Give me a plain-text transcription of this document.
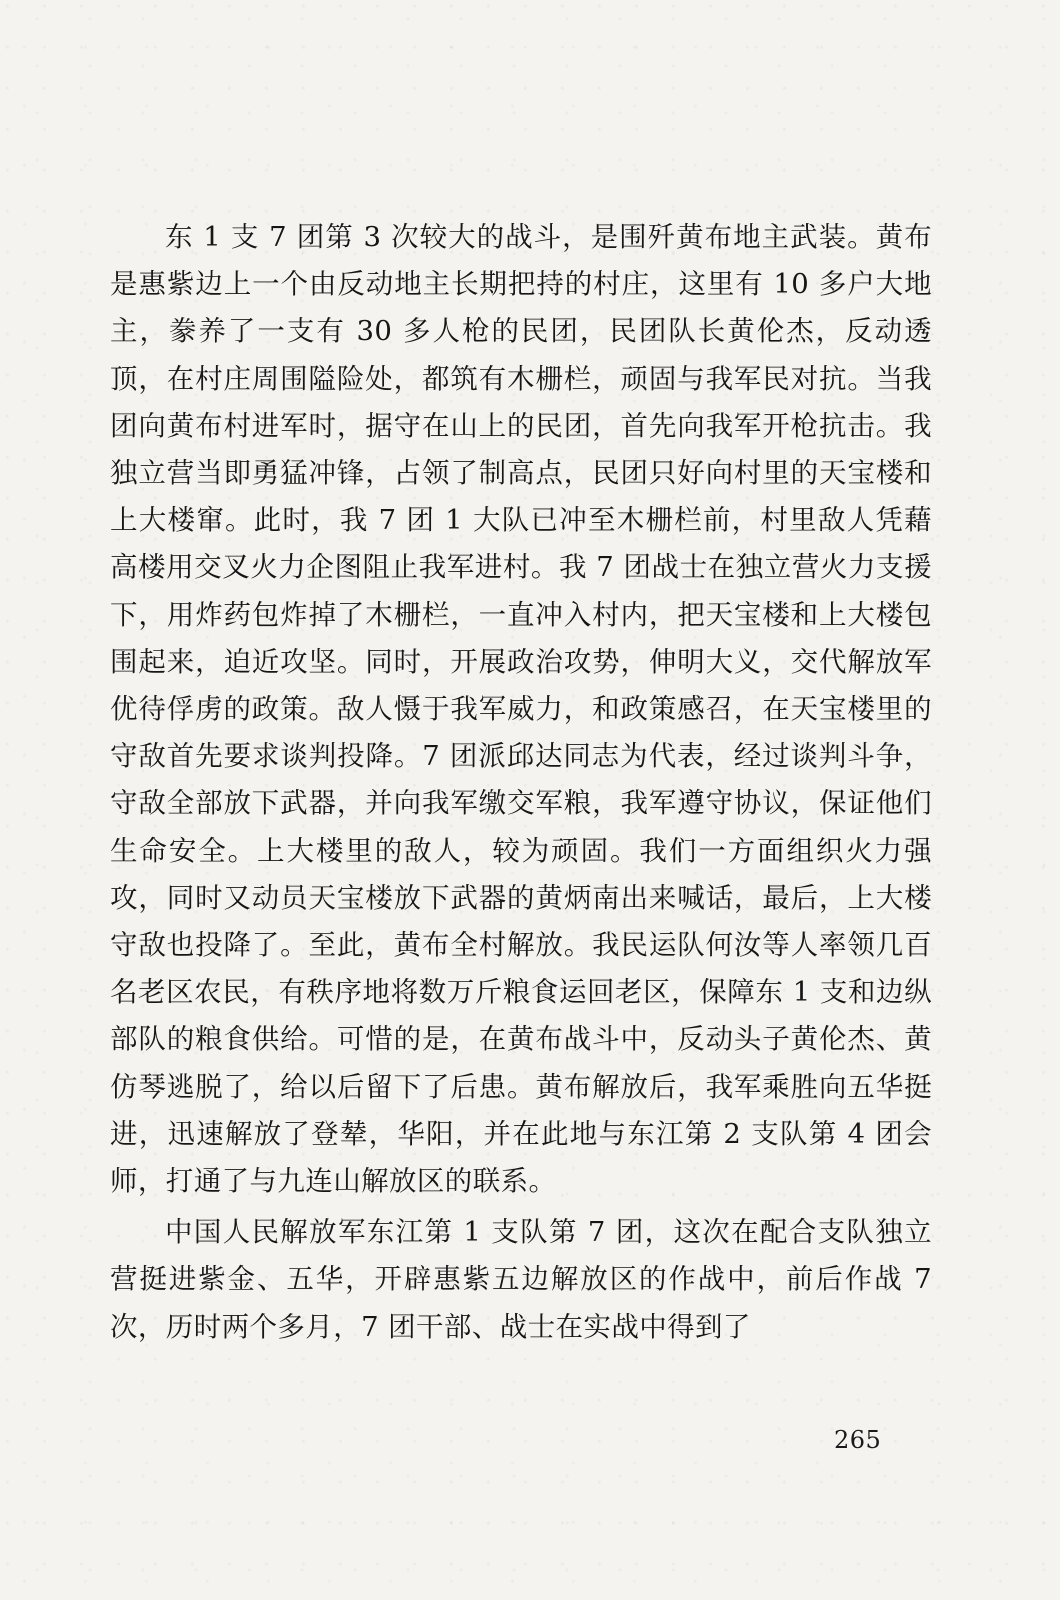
东 1 支 7 团第 3 次较大的战斗，是围歼黄布地主武装。黄布是惠紫边上一个由反动地主长期把持的村庄，这里有 10 多户大地主，豢养了一支有 30 多人枪的民团，民团队长黄伦杰，反动透顶，在村庄周围隘险处，都筑有木栅栏，顽固与我军民对抗。当我团向黄布村进军时，据守在山上的民团，首先向我军开枪抗击。我独立营当即勇猛冲锋，占领了制高点，民团只好向村里的天宝楼和上大楼窜。此时，我 7 团 1 大队已冲至木栅栏前，村里敌人凭藉高楼用交叉火力企图阻止我军进村。我 7 团战士在独立营火力支援下，用炸药包炸掉了木栅栏，一直冲入村内，把天宝楼和上大楼包围起来，迫近攻坚。同时，开展政治攻势，伸明大义，交代解放军优待俘虏的政策。敌人慑于我军威力，和政策感召，在天宝楼里的守敌首先要求谈判投降。7 团派邱达同志为代表，经过谈判斗争，守敌全部放下武器，并向我军缴交军粮，我军遵守协议，保证他们生命安全。上大楼里的敌人，较为顽固。我们一方面组织火力强攻，同时又动员天宝楼放下武器的黄炳南出来喊话，最后，上大楼守敌也投降了。至此，黄布全村解放。我民运队何汝等人率领几百名老区农民，有秩序地将数万斤粮食运回老区，保障东 1 支和边纵部队的粮食供给。可惜的是，在黄布战斗中，反动头子黄伦杰、黄仿琴逃脱了，给以后留下了后患。黄布解放后，我军乘胜向五华挺进，迅速解放了登辇，华阳，并在此地与东江第 2 支队第 4 团会师，打通了与九连山解放区的联系。

中国人民解放军东江第 1 支队第 7 团，这次在配合支队独立营挺进紫金、五华，开辟惠紫五边解放区的作战中，前后作战 7 次，历时两个多月，7 团干部、战士在实战中得到了

265
